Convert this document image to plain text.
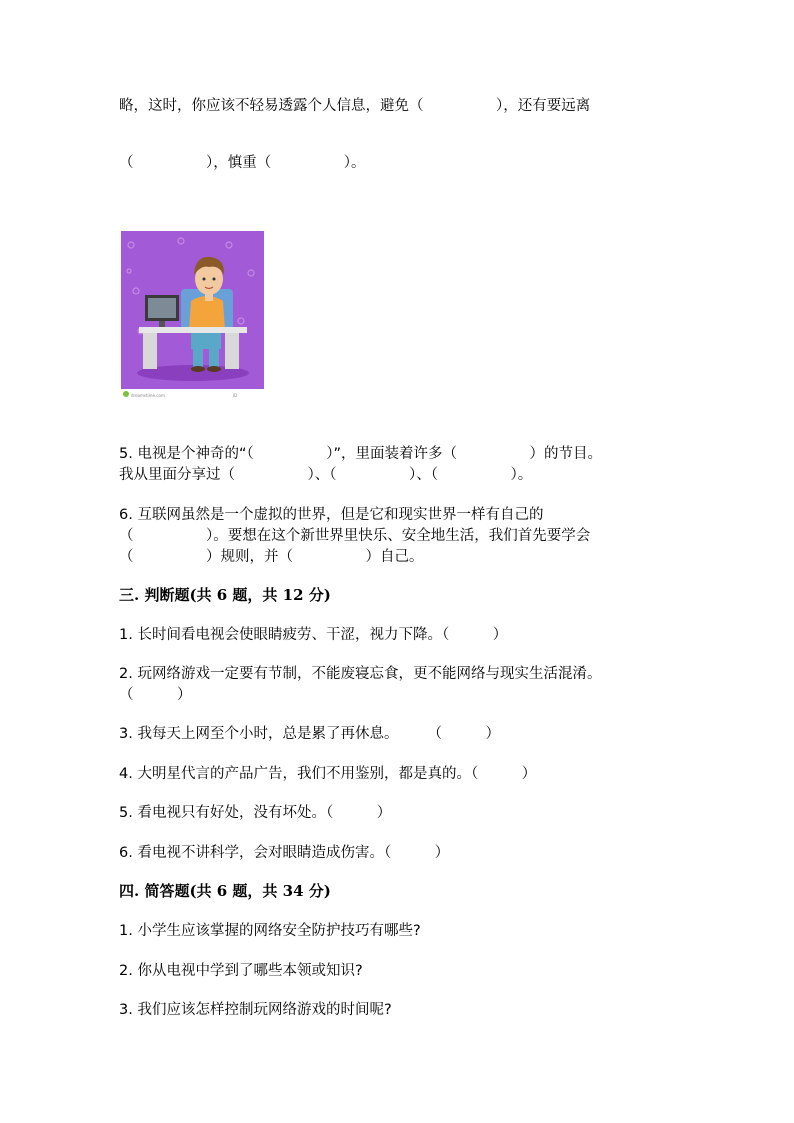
略，这时，你应该不轻易透露个人信息，避免（　　　　　），还有要远离
（　　　　　），慎重（　　　　　）。
dreamstime.com	ID
5. 电视是个神奇的“（　　　　　）”，里面装着许多（　　　　　）的节目。
我从里面分享过（　　　　　）、（　　　　　）、（　　　　　）。
6. 互联网虽然是一个虚拟的世界，但是它和现实世界一样有自己的
（　　　　　）。要想在这个新世界里快乐、安全地生活，我们首先要学会
（　　　　　）规则，并（　　　　　）自己。
三. 判断题(共 6 题，共 12 分)
1. 长时间看电视会使眼睛疲劳、干涩，视力下降。（　　　）
2. 玩网络游戏一定要有节制，不能废寝忘食，更不能网络与现实生活混淆。
（　　　）
3. 我每天上网至个小时，总是累了再休息。　　　（　　　）
4. 大明星代言的产品广告，我们不用鉴别，都是真的。（　　　）
5. 看电视只有好处，没有坏处。（　　　）
6. 看电视不讲科学，会对眼睛造成伤害。（　　　）
四. 简答题(共 6 题，共 34 分)
1. 小学生应该掌握的网络安全防护技巧有哪些?
2. 你从电视中学到了哪些本领或知识?
3. 我们应该怎样控制玩网络游戏的时间呢?
